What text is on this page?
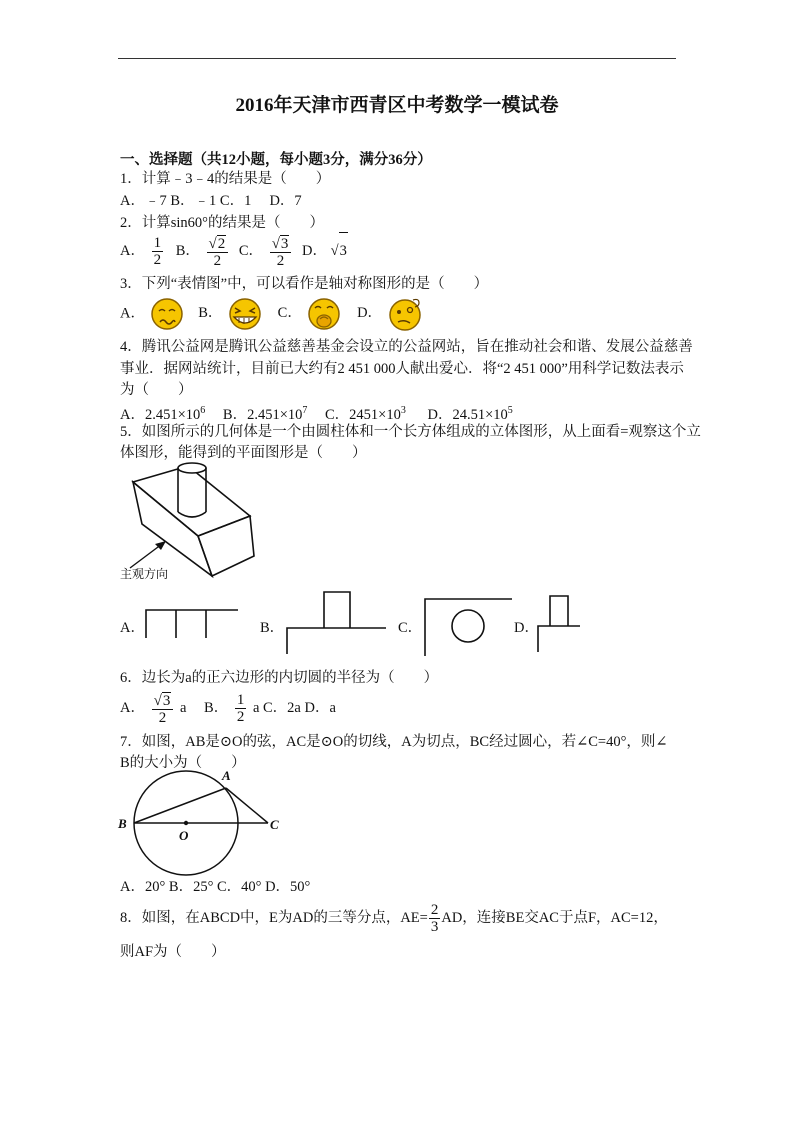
2016年天津市西青区中考数学一模试卷
一、选择题（共12小题，每小题3分，满分36分）
1．计算﹣3﹣4的结果是（　　）
A．﹣7 B．﹣1 C．1　 D．7
2．计算sin60°的结果是（　　）
A． $\frac{1}{2}$ B． $\frac{√ 2}{2}$ C． $\frac{√ 3}{2}$ D． √ 3
3．下列“表情图”中，可以看作是轴对称图形的是（　　）
A．	B．	C．	D．
4．腾讯公益网是腾讯公益慈善基金会设立的公益网站，旨在推动社会和谐、发展公益慈善
事业．据网站统计，目前已大约有2 451 000人献出爱心．将“2 451 000”用科学记数法表示
为（　　）
A．$2.451\times 10^6$ B．$2.451\times 10^7$ C．$2451\times 10^3$ D．$24.51\times 10^5$
5．如图所示的几何体是一个由圆柱体和一个长方体组成的立体图形，从上面看=观察这个立
体图形，能得到的平面图形是（　　）
主观方向
A．	B．	C．	D．
6．边长为a的正六边形的内切圆的半径为（　　）
A． $\frac{√ 3}{2}$ a B． $\frac{1}{2}$ a C．2a D．a
7．如图，AB是⊙O的弦，AC是⊙O的切线，A为切点，BC经过圆心，若∠C=40°，则∠
B的大小为（　　）
A
B
O
C
A．20° B．25° C．40° D．50°
8．如图，在ABCD中，E为AD的三等分点，$AE= \frac{2}{3}$ AD，连接BE交AC于点F，AC=12，
则AF为（　　）
